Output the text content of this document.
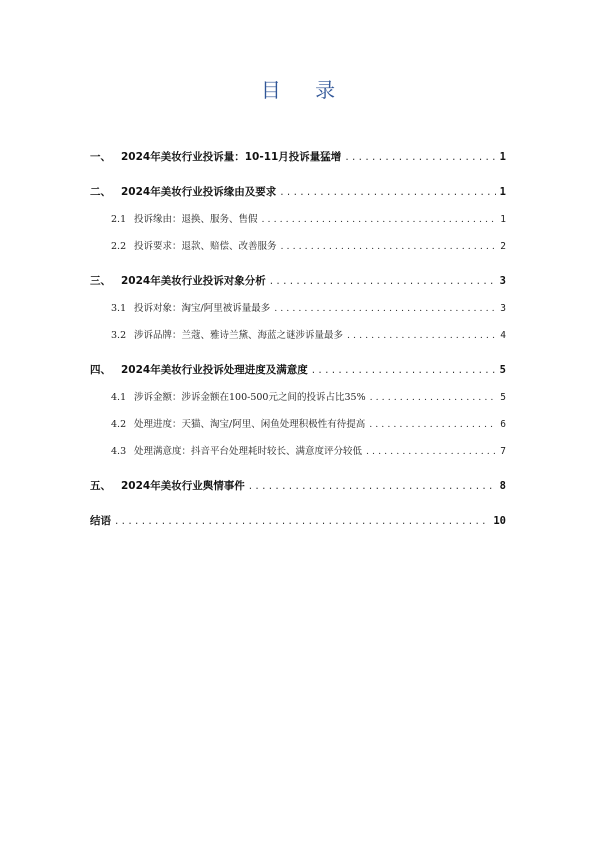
目 录
一、 2024年美妆行业投诉量：10-11月投诉量猛增 . . .	1
二、 2024年美妆行业投诉缘由及要求 . . .	1
2.1 投诉缘由：退换、服务、售假 . . .	1
2.2 投诉要求：退款、赔偿、改善服务 . . .	2
三、 2024年美妆行业投诉对象分析 . . .	3
3.1 投诉对象：淘宝/阿里被诉量最多 . . .	3
3.2 涉诉品牌：兰蔻、雅诗兰黛、海蓝之谜涉诉量最多 . . .	4
四、 2024年美妆行业投诉处理进度及满意度 . . .	5
4.1 涉诉金额：涉诉金额在100-500元之间的投诉占比35% . . .	5
4.2 处理进度：天猫、淘宝/阿里、闲鱼处理积极性有待提高 . . .	6
4.3 处理满意度：抖音平台处理耗时较长、满意度评分较低 . . .	7
五、 2024年美妆行业舆情事件 . . .	8
结语 . . .	10
